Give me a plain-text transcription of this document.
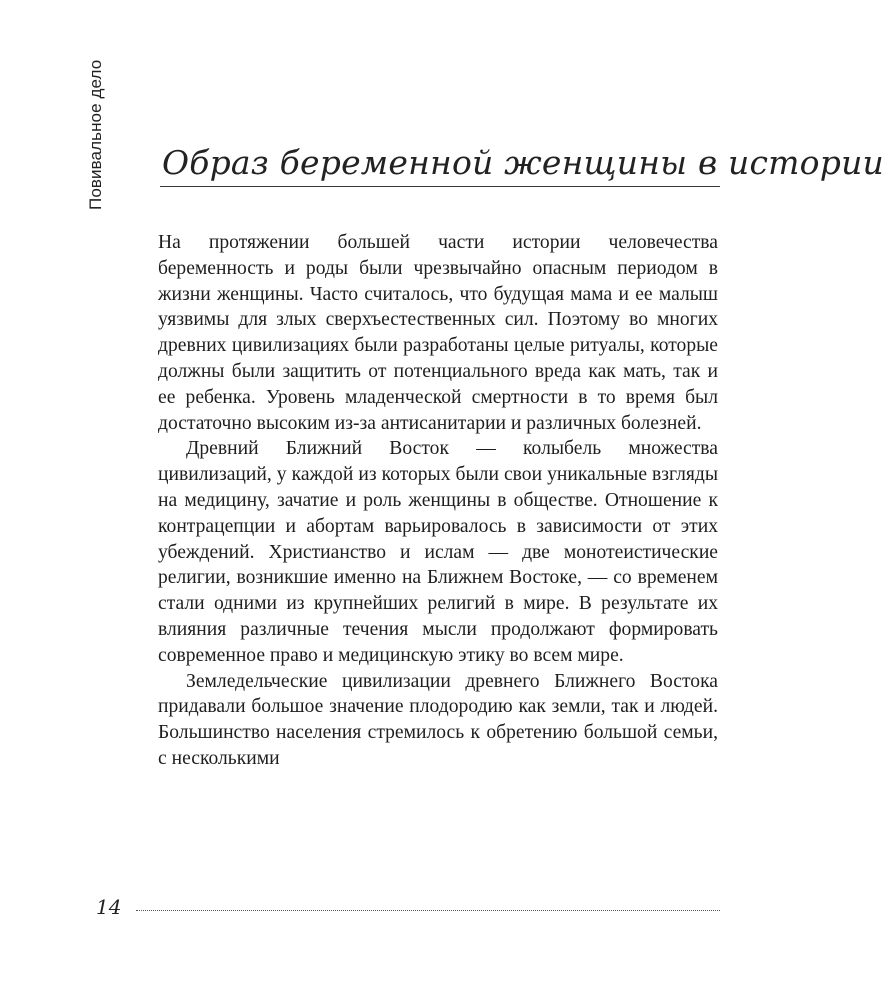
Повивальное дело Образ беременной женщины в истории

На протяжении большей части истории человечества беременность и роды были чрезвычайно опасным периодом в жизни женщины. Часто считалось, что будущая мама и ее малыш уязвимы для злых сверхъестественных сил. Поэтому во многих древних цивилизациях были разработаны целые ритуалы, которые должны были защитить от потенциального вреда как мать, так и ее ребенка. Уровень младенческой смертности в то время был достаточно высоким из-за антисанитарии и различных болезней.

Древний Ближний Восток — колыбель множества цивилизаций, у каждой из которых были свои уникальные взгляды на медицину, зачатие и роль женщины в обществе. Отношение к контрацепции и абортам варьировалось в зависимости от этих убеждений. Христианство и ислам — две монотеистические религии, возникшие именно на Ближнем Востоке, — со временем стали одними из крупнейших религий в мире. В результате их влияния различные течения мысли продолжают формировать современное право и медицинскую этику во всем мире.

Земледельческие цивилизации древнего Ближнего Востока придавали большое значение плодородию как земли, так и людей. Большинство населения стремилось к обретению большой семьи, с несколькими

14
